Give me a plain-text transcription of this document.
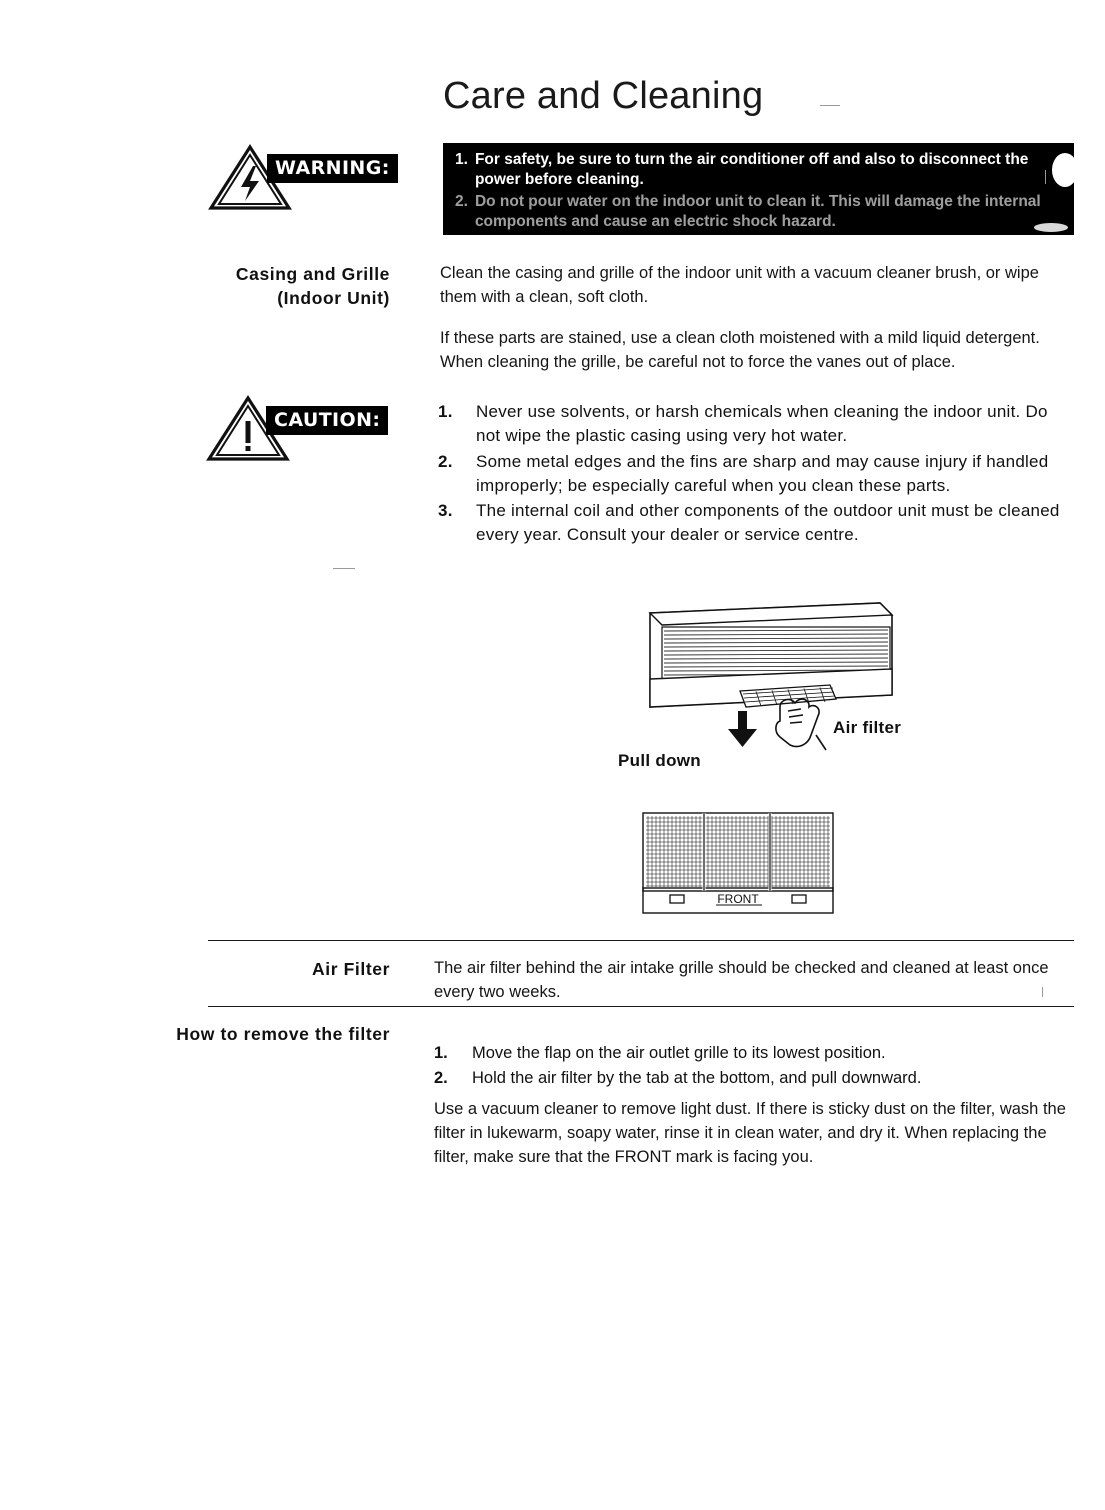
Care and Cleaning
WARNING:	1. For safety, be sure to turn the air conditioner off and also to disconnect the power before cleaning.
2. Do not pour water on the indoor unit to clean it. This will damage the internal components and cause an electric shock hazard.
Casing and Grille
(Indoor Unit)
Clean the casing and grille of the indoor unit with a vacuum cleaner brush, or wipe them with a clean, soft cloth.
If these parts are stained, use a clean cloth moistened with a mild liquid detergent. When cleaning the grille, be careful not to force the vanes out of place.
CAUTION:	1.	Never use solvents, or harsh chemicals when cleaning the indoor unit. Do not wipe the plastic casing using very hot water.
2.	Some metal edges and the fins are sharp and may cause injury if handled improperly; be especially careful when you clean these parts.
3.	The internal coil and other components of the outdoor unit must be cleaned every year. Consult your dealer or service centre.
Air filter
Pull down
FRONT
Air Filter	The air filter behind the air intake grille should be checked and cleaned at least once every two weeks.
How to remove the filter
1.	Move the flap on the air outlet grille to its lowest position.
2.	Hold the air filter by the tab at the bottom, and pull downward.
Use a vacuum cleaner to remove light dust. If there is sticky dust on the filter, wash the filter in lukewarm, soapy water, rinse it in clean water, and dry it. When replacing the filter, make sure that the FRONT mark is facing you.
